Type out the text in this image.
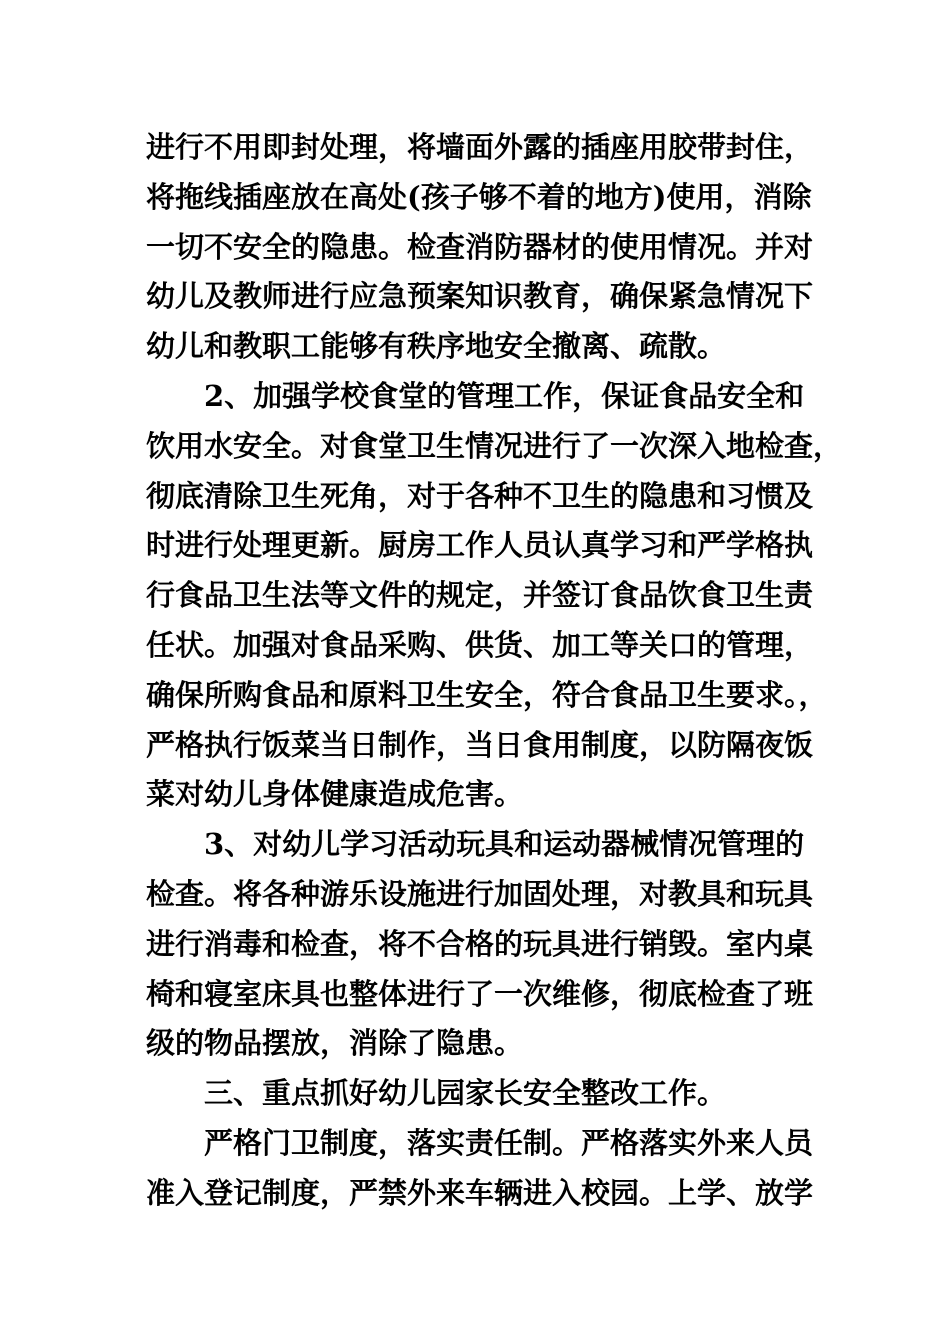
进行不用即封处理，将墙面外露的插座用胶带封住，
将拖线插座放在高处(孩子够不着的地方)使用，消除
一切不安全的隐患。检查消防器材的使用情况。并对
幼儿及教师进行应急预案知识教育，确保紧急情况下
幼儿和教职工能够有秩序地安全撤离、疏散。
2、加强学校食堂的管理工作，保证食品安全和
饮用水安全。对食堂卫生情况进行了一次深入地检查，
彻底清除卫生死角，对于各种不卫生的隐患和习惯及
时进行处理更新。厨房工作人员认真学习和严学格执
行食品卫生法等文件的规定，并签订食品饮食卫生责
任状。加强对食品采购、供货、加工等关口的管理，
确保所购食品和原料卫生安全，符合食品卫生要求。，
严格执行饭菜当日制作，当日食用制度，以防隔夜饭
菜对幼儿身体健康造成危害。
3、对幼儿学习活动玩具和运动器械情况管理的
检查。将各种游乐设施进行加固处理，对教具和玩具
进行消毒和检查，将不合格的玩具进行销毁。室内桌
椅和寝室床具也整体进行了一次维修，彻底检查了班
级的物品摆放，消除了隐患。
三、重点抓好幼儿园家长安全整改工作。
严格门卫制度，落实责任制。严格落实外来人员
准入登记制度，严禁外来车辆进入校园。上学、放学
